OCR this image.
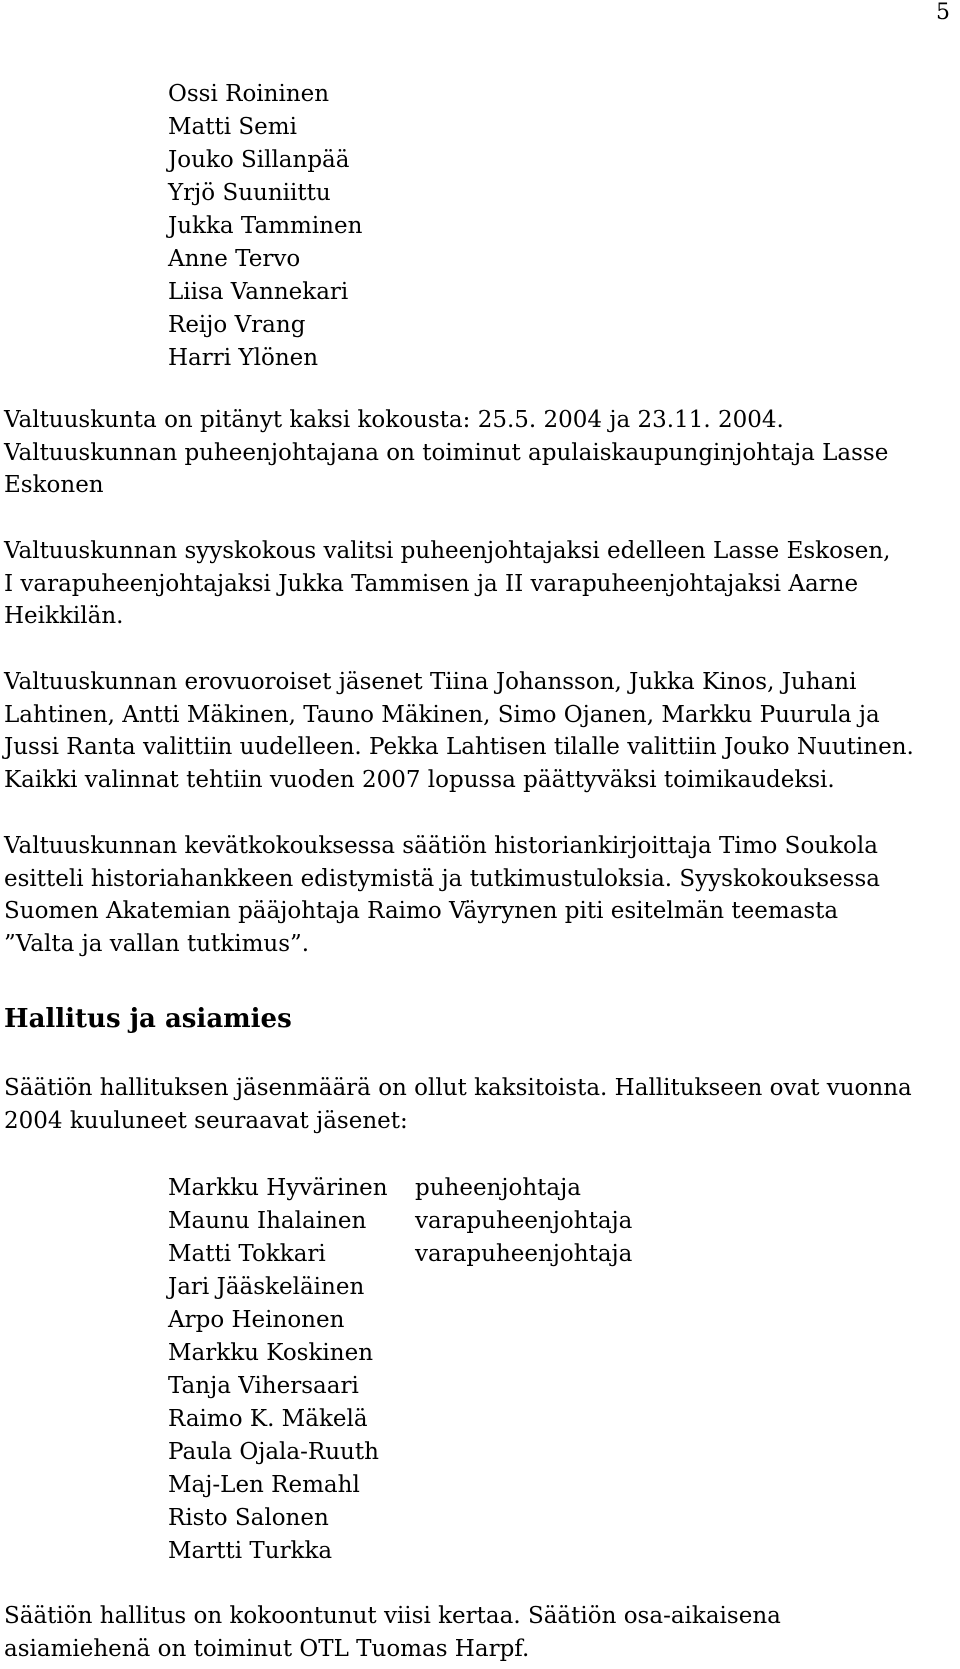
5
Ossi Roininen
Matti Semi
Jouko Sillanpää
Yrjö Suuniittu
Jukka Tamminen
Anne Tervo
Liisa Vannekari
Reijo Vrang
Harri Ylönen

Valtuuskunta on pitänyt kaksi kokousta: 25.5. 2004 ja 23.11. 2004.

Valtuuskunnan puheenjohtajana on toiminut apulaiskaupunginjohtaja Lasse

Eskonen

Valtuuskunnan syyskokous valitsi puheenjohtajaksi edelleen Lasse Eskosen,

I varapuheenjohtajaksi Jukka Tammisen ja II varapuheenjohtajaksi Aarne

Heikkilän.

Valtuuskunnan erovuoroiset jäsenet Tiina Johansson, Jukka Kinos, Juhani

Lahtinen, Antti Mäkinen, Tauno Mäkinen, Simo Ojanen, Markku Puurula ja

Jussi Ranta valittiin uudelleen. Pekka Lahtisen tilalle valittiin Jouko Nuutinen.

Kaikki valinnat tehtiin vuoden 2007 lopussa päättyväksi toimikaudeksi.

Valtuuskunnan kevätkokouksessa säätiön historiankirjoittaja Timo Soukola

esitteli historiahankkeen edistymistä ja tutkimustuloksia. Syyskokouksessa

Suomen Akatemian pääjohtaja Raimo Väyrynen piti esitelmän teemasta

”Valta ja vallan tutkimus”.

Hallitus ja asiamies

Säätiön hallituksen jäsenmäärä on ollut kaksitoista. Hallitukseen ovat vuonna

2004 kuuluneet seuraavat jäsenet:

Markku Hyvärinen	puheenjohtaja
Maunu Ihalainen	varapuheenjohtaja
Matti Tokkari	varapuheenjohtaja
Jari Jääskeläinen
Arpo Heinonen
Markku Koskinen
Tanja Vihersaari
Raimo K. Mäkelä
Paula Ojala-Ruuth
Maj-Len Remahl
Risto Salonen
Martti Turkka

Säätiön hallitus on kokoontunut viisi kertaa. Säätiön osa-aikaisena

asiamiehenä on toiminut OTL Tuomas Harpf.
